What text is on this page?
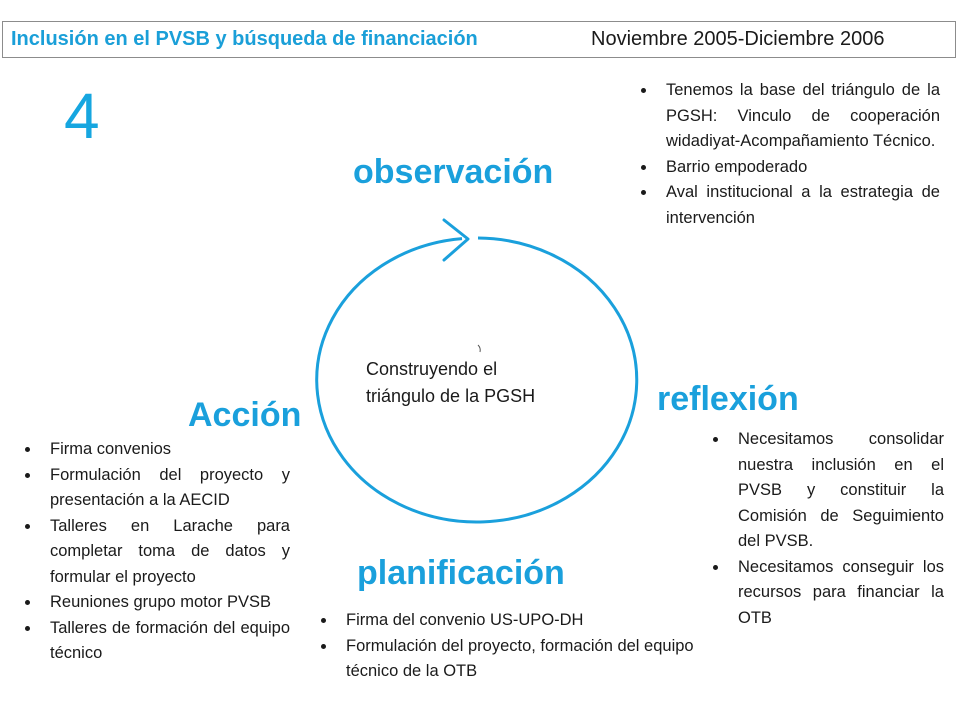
Inclusión en el PVSB y búsqueda de financiación	Noviembre 2005-Diciembre 2006
4
observación
reflexión
planificación
Acción
Construyendo el triángulo de la PGSH
Tenemos la base del triángulo de la PGSH: Vinculo de cooperación widadiyat-Acompañamiento Técnico.
Barrio empoderado
Aval institucional a la estrategia de intervención
Necesitamos consolidar nuestra inclusión en el PVSB y constituir la Comisión de Seguimiento del PVSB.
Necesitamos conseguir los recursos para financiar la OTB
Firma del convenio US-UPO-DH
Formulación del proyecto, formación del equipo técnico de la OTB
Firma convenios
Formulación del proyecto y presentación a la AECID
Talleres en Larache para completar toma de datos y formular el proyecto
Reuniones grupo motor PVSB
Talleres de formación del equipo técnico
